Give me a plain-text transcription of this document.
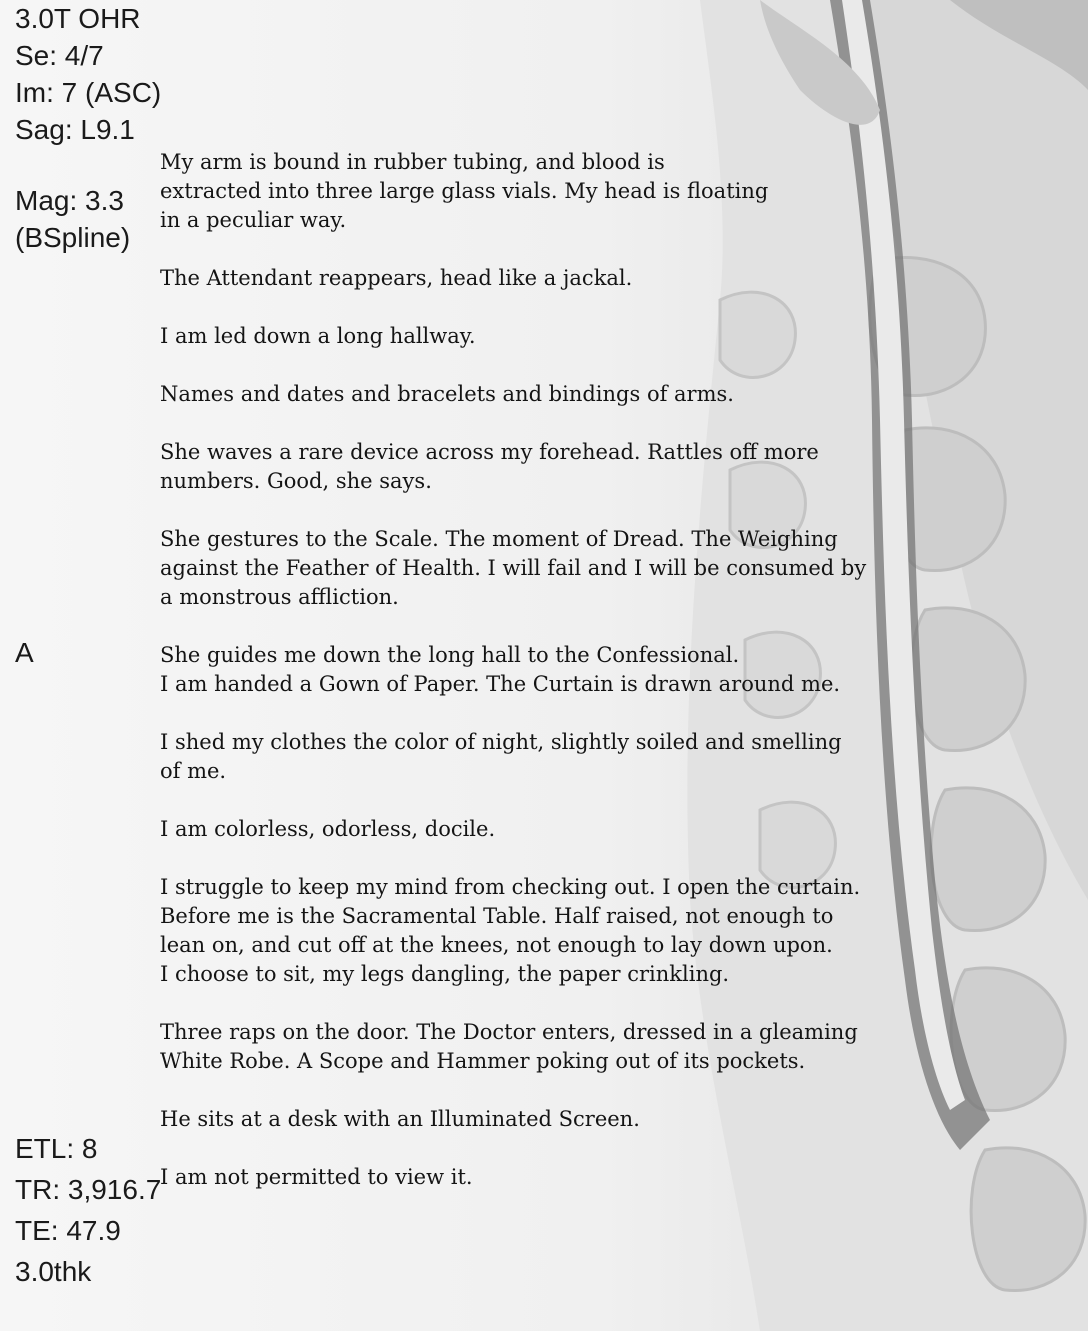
3.0T OHR
Se: 4/7
Im: 7 (ASC)
Sag: L9.1
Mag: 3.3
(BSpline)
A
ETL: 8
TR: 3,916.7
TE: 47.9
3.0thk
My arm is bound in rubber tubing, and blood is
extracted into three large glass vials. My head is floating
in a peculiar way.
The Attendant reappears, head like a jackal.
I am led down a long hallway.
Names and dates and bracelets and bindings of arms.
She waves a rare device across my forehead. Rattles off more
numbers. Good, she says.
She gestures to the Scale. The moment of Dread. The Weighing
against the Feather of Health. I will fail and I will be consumed by
a monstrous affliction.
She guides me down the long hall to the Confessional.
I am handed a Gown of Paper. The Curtain is drawn around me.
I shed my clothes the color of night, slightly soiled and smelling
of me.
I am colorless, odorless, docile.
I struggle to keep my mind from checking out. I open the curtain.
Before me is the Sacramental Table. Half raised, not enough to
lean on, and cut off at the knees, not enough to lay down upon.
I choose to sit, my legs dangling, the paper crinkling.
Three raps on the door. The Doctor enters, dressed in a gleaming
White Robe. A Scope and Hammer poking out of its pockets.
He sits at a desk with an Illuminated Screen.
I am not permitted to view it.
